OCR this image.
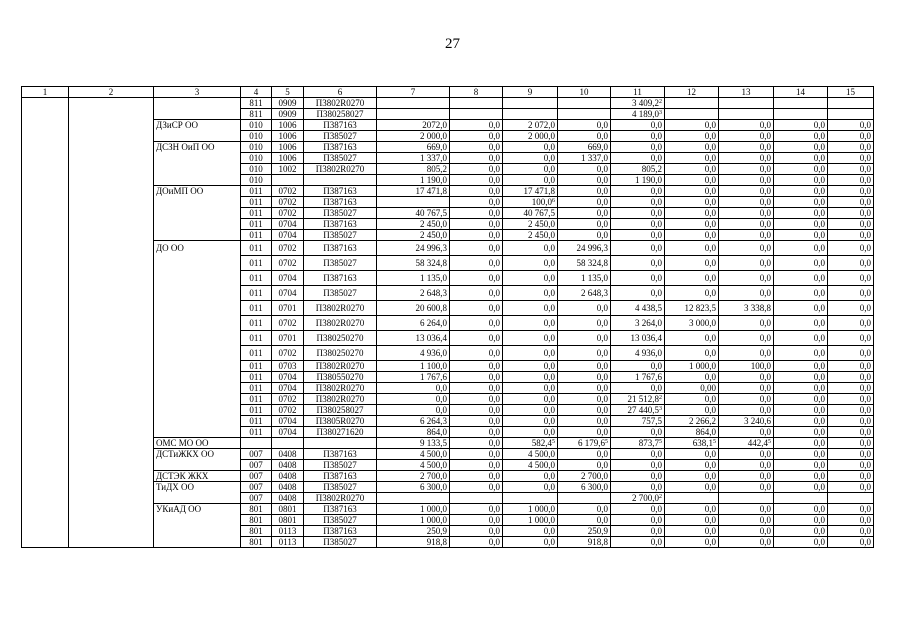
27
1	2	3	4	5	6	7	8	9	10	11	12	13	14	15
			811	0909	П3802R0270					3 409,2$^2$				
			811	0909	П380258027					4 189,0$^3$				
		ДЗиСР ОО	010	1006	П387163	2072,0	0,0	2 072,0	0,0	0,0	0,0	0,0	0,0	0,0
			010	1006	П385027	2 000,0	0,0	2 000,0	0,0	0,0	0,0	0,0	0,0	0,0
		ДСЗН ОиП ОО	010	1006	П387163	669,0	0,0	0,0	669,0	0,0	0,0	0,0	0,0	0,0
			010	1006	П385027	1 337,0	0,0	0,0	1 337,0	0,0	0,0	0,0	0,0	0,0
			010	1002	П3802R0270	805,2	0,0	0,0	0,0	805,2	0,0	0,0	0,0	0,0
			010			1 190,0	0,0	0,0	0,0	1 190,0	0,0	0,0	0,0	0,0
		ДОиМП ОО	011	0702	П387163	17 471,8	0,0	17 471,8	0,0	0,0	0,0	0,0	0,0	0,0
			011	0702	П387163		0,0	100,0$^6$	0,0	0,0	0,0	0,0	0,0	0,0
			011	0702	П385027	40 767,5	0,0	40 767,5	0,0	0,0	0,0	0,0	0,0	0,0
			011	0704	П387163	2 450,0	0,0	2 450,0	0,0	0,0	0,0	0,0	0,0	0,0
			011	0704	П385027	2 450,0	0,0	2 450,0	0,0	0,0	0,0	0,0	0,0	0,0
		ДО ОО	011	0702	П387163	24 996,3	0,0	0,0	24 996,3	0,0	0,0	0,0	0,0	0,0
			011	0702	П385027	58 324,8	0,0	0,0	58 324,8	0,0	0,0	0,0	0,0	0,0
			011	0704	П387163	1 135,0	0,0	0,0	1 135,0	0,0	0,0	0,0	0,0	0,0
			011	0704	П385027	2 648,3	0,0	0,0	2 648,3	0,0	0,0	0,0	0,0	0,0
			011	0701	П3802R0270	20 600,8	0,0	0,0	0,0	4 438,5	12 823,5	3 338,8	0,0	0,0
			011	0702	П3802R0270	6 264,0	0,0	0,0	0,0	3 264,0	3 000,0	0,0	0,0	0,0
			011	0701	П380250270	13 036,4	0,0	0,0	0,0	13 036,4	0,0	0,0	0,0	0,0
			011	0702	П380250270	4 936,0	0,0	0,0	0,0	4 936,0	0,0	0,0	0,0	0,0
			011	0703	П3802R0270	1 100,0	0,0	0,0	0,0	0,0	1 000,0	100,0	0,0	0,0
			011	0704	П380550270	1 767,6	0,0	0,0	0,0	1 767,6	0,0	0,0	0,0	0,0
			011	0704	П3802R0270	0,0	0,0	0,0	0,0	0,0	0,00	0,0	0,0	0,0
			011	0702	П3802R0270	0,0	0,0	0,0	0,0	21 512,8$^2$	0,0	0,0	0,0	0,0
			011	0702	П380258027	0,0	0,0	0,0	0,0	27 440,5$^3$	0,0	0,0	0,0	0,0
			011	0704	П3805R0270	6 264,3	0,0	0,0	0,0	757,5	2 266,2	3 240,6	0,0	0,0
			011	0704	П380271620	864,0	0,0	0,0	0,0	0,0	864,0	0,0	0,0	0,0
		ОМС МО ОО				9 133,5	0,0	582,4$^5$	6 179,6$^5$	873,7$^5$	638,1$^5$	442,4$^5$	0,0	0,0
		ДСТиЖКХ ОО	007	0408	П387163	4 500,0	0,0	4 500,0	0,0	0,0	0,0	0,0	0,0	0,0
			007	0408	П385027	4 500,0	0,0	4 500,0	0,0	0,0	0,0	0,0	0,0	0,0
		ДСТЭК ЖКХ	007	0408	П387163	2 700,0	0,0	0,0	2 700,0	0,0	0,0	0,0	0,0	0,0
		ТиДХ ОО	007	0408	П385027	6 300,0	0,0	0,0	6 300,0	0,0	0,0	0,0	0,0	0,0
			007	0408	П3802R0270					2 700,0$^2$				
		УКиАД ОО	801	0801	П387163	1 000,0	0,0	1 000,0	0,0	0,0	0,0	0,0	0,0	0,0
			801	0801	П385027	1 000,0	0,0	1 000,0	0,0	0,0	0,0	0,0	0,0	0,0
			801	0113	П387163	250,9	0,0	0,0	250,9	0,0	0,0	0,0	0,0	0,0
			801	0113	П385027	918,8	0,0	0,0	918,8	0,0	0,0	0,0	0,0	0,0
